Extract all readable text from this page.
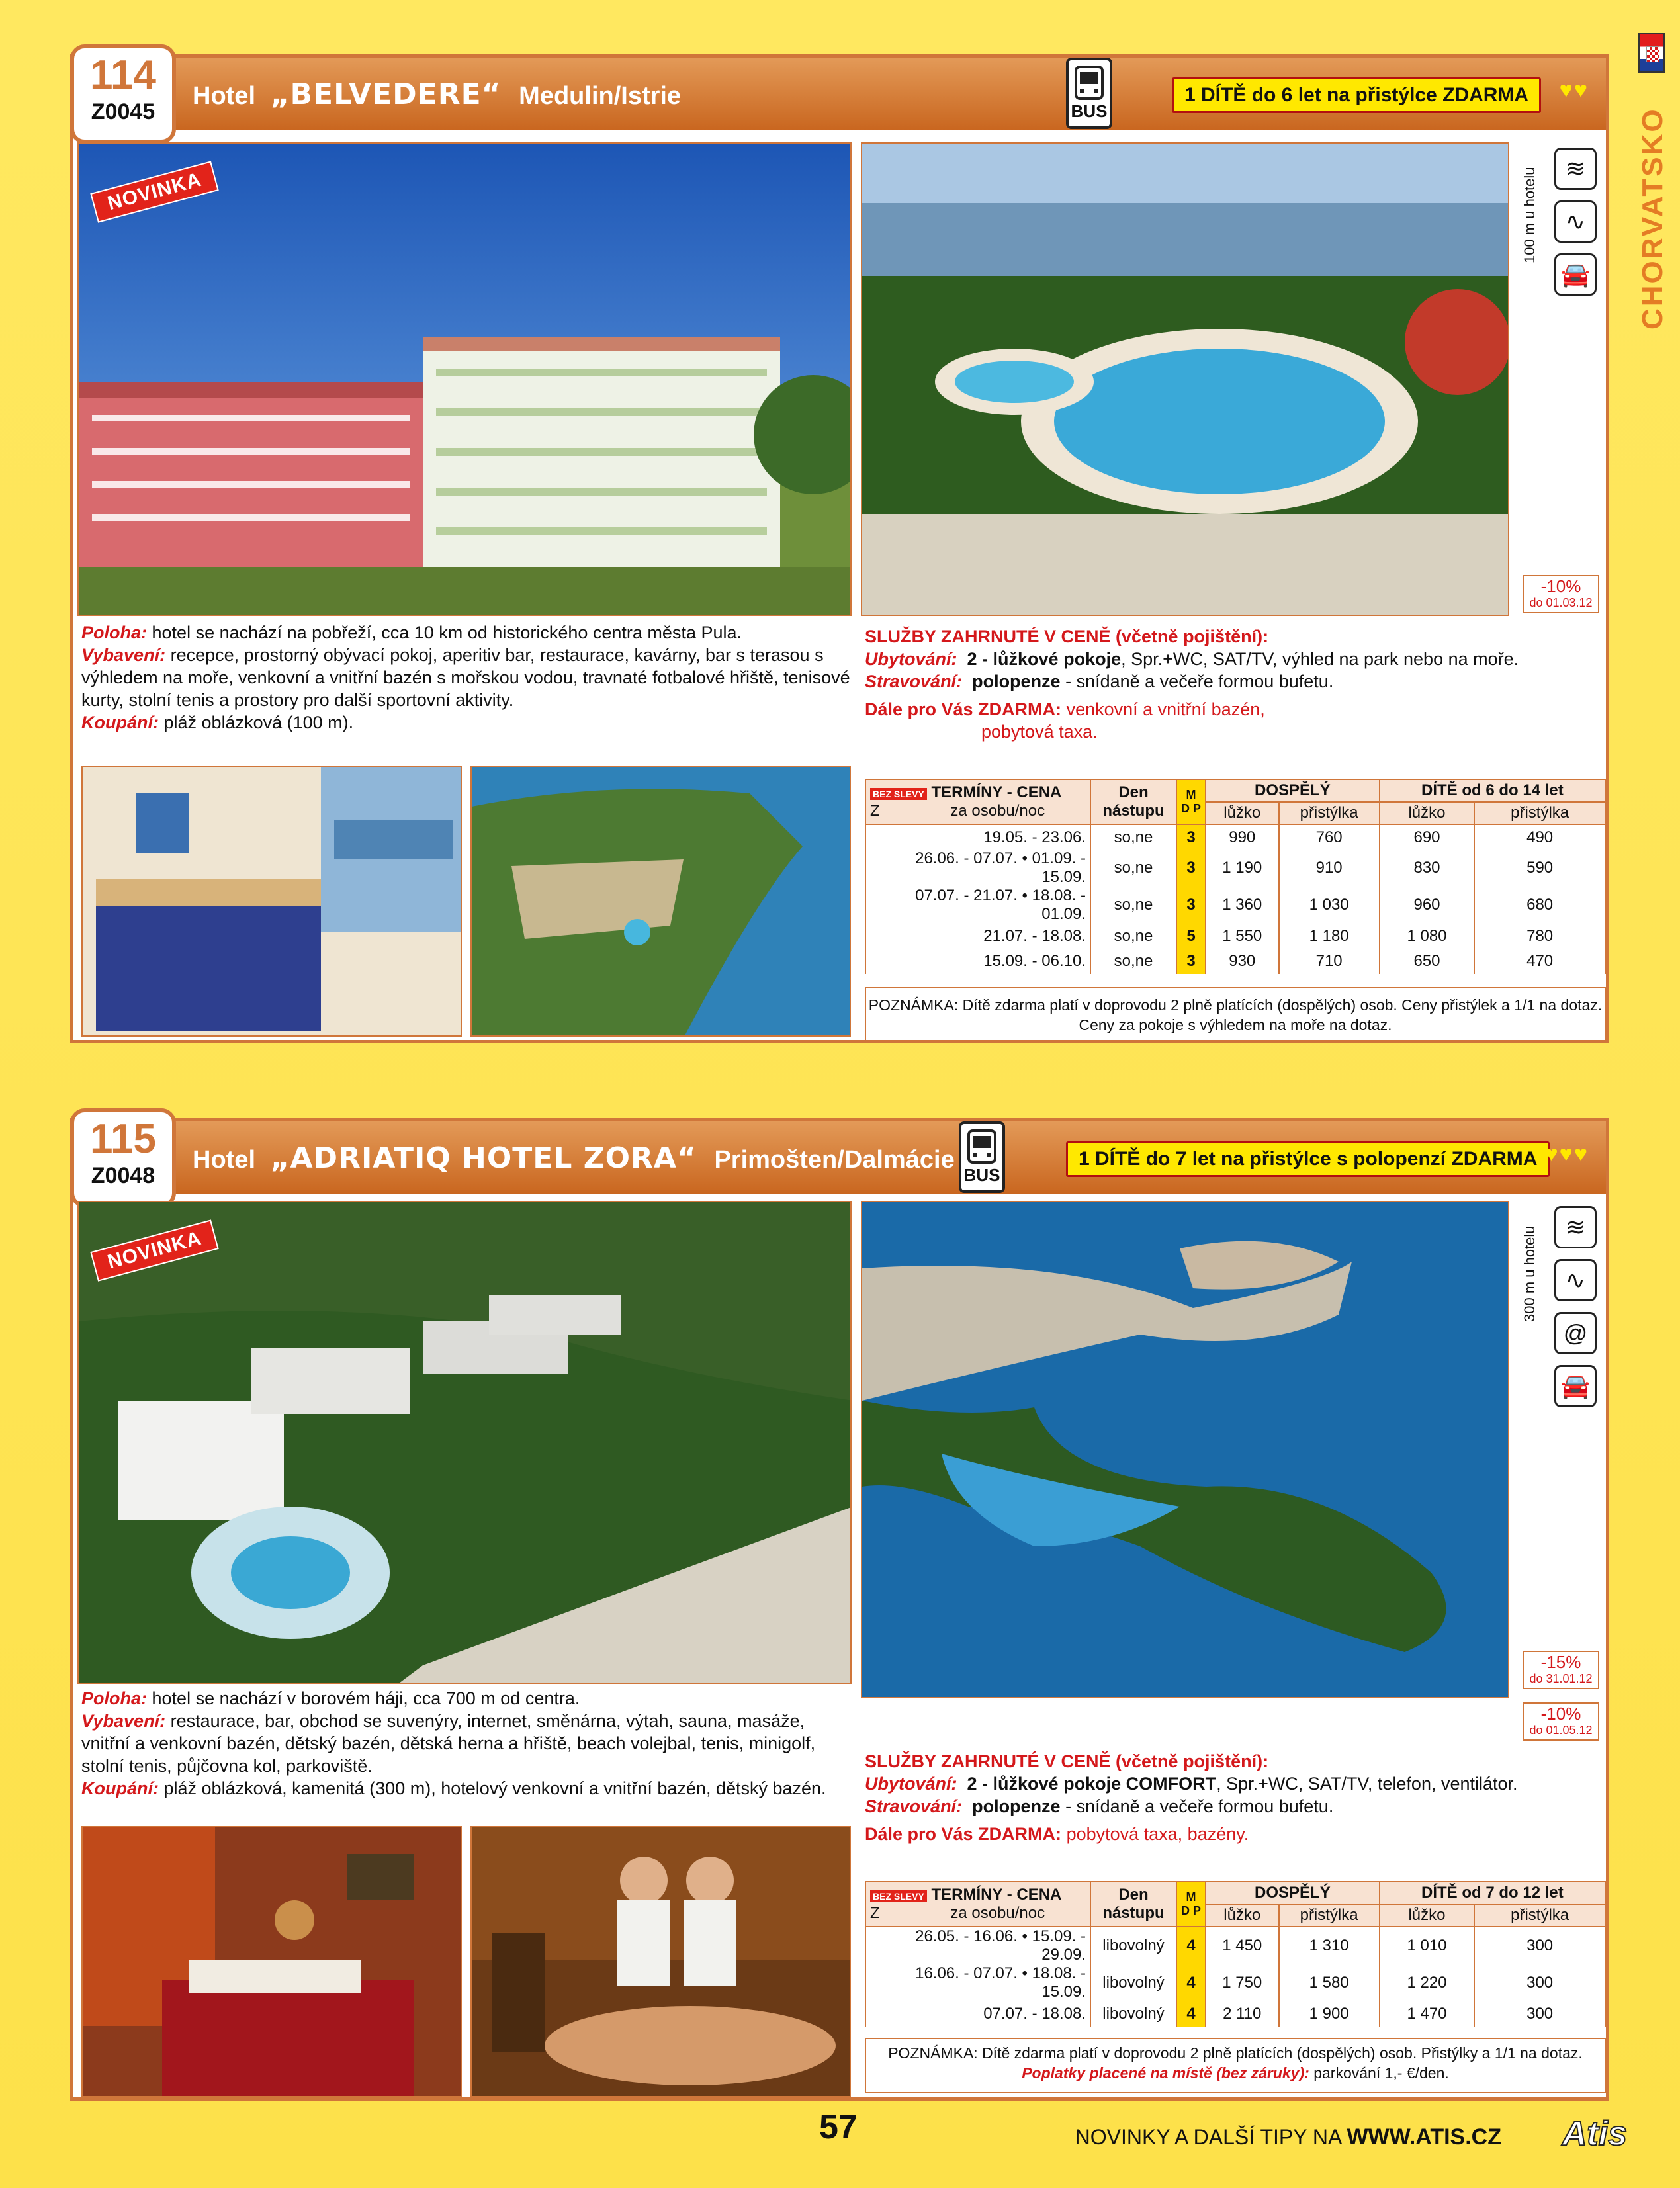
CHORVATSKO
Hotel „BELVEDERE“ Medulin/Istrie
BUS
1 DÍTĚ do 6 let na přistýlce ZDARMA	♥♥
114
Z0045
NOVINKA	100 m u hotelu	≋
∿
🚘
-10%
do 01.03.12
Poloha: hotel se nachází na pobřeží, cca 10 km od historického centra města Pula.
Vybavení: recepce, prostorný obývací pokoj, aperitiv bar, restaurace, kavárny, bar s terasou s výhledem na moře, venkovní a vnitřní bazén s mořskou vodou, travnaté fotbalové hřiště, tenisové kurty, stolní tenis a prostory pro další sportovní aktivity.
Koupání: pláž oblázková (100 m).
SLUŽBY ZAHRNUTÉ V CENĚ (včetně pojištění):
Ubytování: 2 - lůžkové pokoje, Spr.+WC, SAT/TV, výhled na park nebo na moře.
Stravování: polopenze - snídaně a večeře formou bufetu.
Dále pro Vás ZDARMA: venkovní a vnitřní bazén,
pobytová taxa.
BEZ SLEVY TERMÍNY - CENA
Z za osobu/noc	Den
nástupu	M D P	DOSPĚLÝ		DÍTĚ od 6 do 14 let	
			lůžko	přistýlka	lůžko	přistýlka
19.05. - 23.06.	so,ne	3	990	760	690	490
26.06. - 07.07. • 01.09. - 15.09.	so,ne	3	1 190	910	830	590
07.07. - 21.07. • 18.08. - 01.09.	so,ne	3	1 360	1 030	960	680
21.07. - 18.08.	so,ne	5	1 550	1 180	1 080	780
15.09. - 06.10.	so,ne	3	930	710	650	470
POZNÁMKA: Dítě zdarma platí v doprovodu 2 plně platících (dospělých) osob. Ceny přistýlek a 1/1 na dotaz.
Ceny za pokoje s výhledem na moře na dotaz.
Hotel „ADRIATIQ HOTEL ZORA“ Primošten/Dalmácie
BUS
1 DÍTĚ do 7 let na přistýlce s polopenzí ZDARMA ♥♥♥
115
Z0048
NOVINKA	300 m u hotelu	≋
∿
@
🚘
-15%
do 31.01.12
-10%
do 01.05.12
Poloha: hotel se nachází v borovém háji, cca 700 m od centra.
Vybavení: restaurace, bar, obchod se suvenýry, internet, směnárna, výtah, sauna, masáže, vnitřní a venkovní bazén, dětský bazén, dětská herna a hřiště, beach volejbal, tenis, minigolf, stolní tenis, půjčovna kol, parkoviště.
Koupání: pláž oblázková, kamenitá (300 m), hotelový venkovní a vnitřní bazén, dětský bazén.
SLUŽBY ZAHRNUTÉ V CENĚ (včetně pojištění):
Ubytování: 2 - lůžkové pokoje COMFORT, Spr.+WC, SAT/TV, telefon, ventilátor.
Stravování: polopenze - snídaně a večeře formou bufetu.
Dále pro Vás ZDARMA: pobytová taxa, bazény.
BEZ SLEVY TERMÍNY - CENA
Z za osobu/noc	Den
nástupu	M D P	DOSPĚLÝ		DÍTĚ od 7 do 12 let	
			lůžko	přistýlka	lůžko	přistýlka
26.05. - 16.06. • 15.09. - 29.09.	libovolný	4	1 450	1 310	1 010	300
16.06. - 07.07. • 18.08. - 15.09.	libovolný	4	1 750	1 580	1 220	300
07.07. - 18.08.	libovolný	4	2 110	1 900	1 470	300
POZNÁMKA: Dítě zdarma platí v doprovodu 2 plně platících (dospělých) osob. Přistýlky a 1/1 na dotaz.
Poplatky placené na místě (bez záruky): parkování 1,- €/den.
57	NOVINKY A DALŠÍ TIPY NA WWW.ATIS.CZ Atis
